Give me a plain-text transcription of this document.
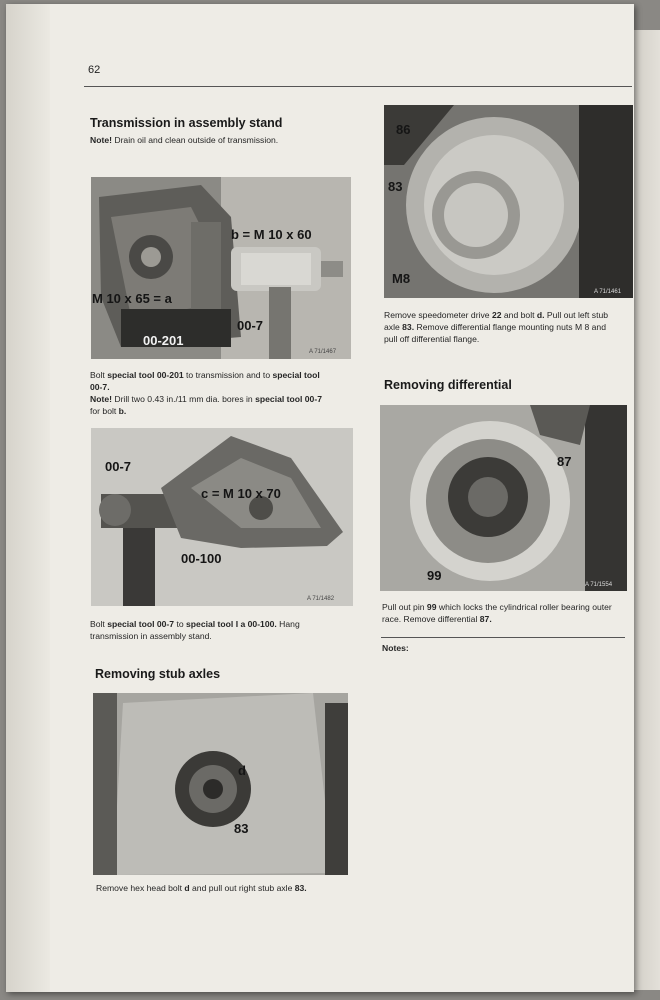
62
Transmission in assembly stand
Note! Drain oil and clean outside of transmission.
b = M 10 x 60
M 10 x 65 = a
00-7
00-201
A 71/1467
Bolt special tool 00-201 to transmission and to special tool
00-7.
Note! Drill two 0.43 in./11 mm dia. bores in special tool 00-7
for bolt b.
00-7
c = M 10 x 70
00-100
A 71/1482
Bolt special tool 00-7 to special tool I a 00-100. Hang
transmission in assembly stand.
Removing stub axles
d
83
Remove hex head bolt d and pull out right stub axle 83.
86
83
M8
A 71/1461
Remove speedometer drive 22 and bolt d. Pull out left stub
axle 83. Remove differential flange mounting nuts M 8 and
pull off differential flange.
Removing differential
87
99
A 71/1554
Pull out pin 99 which locks the cylindrical roller bearing outer
race. Remove differential 87.
Notes:
